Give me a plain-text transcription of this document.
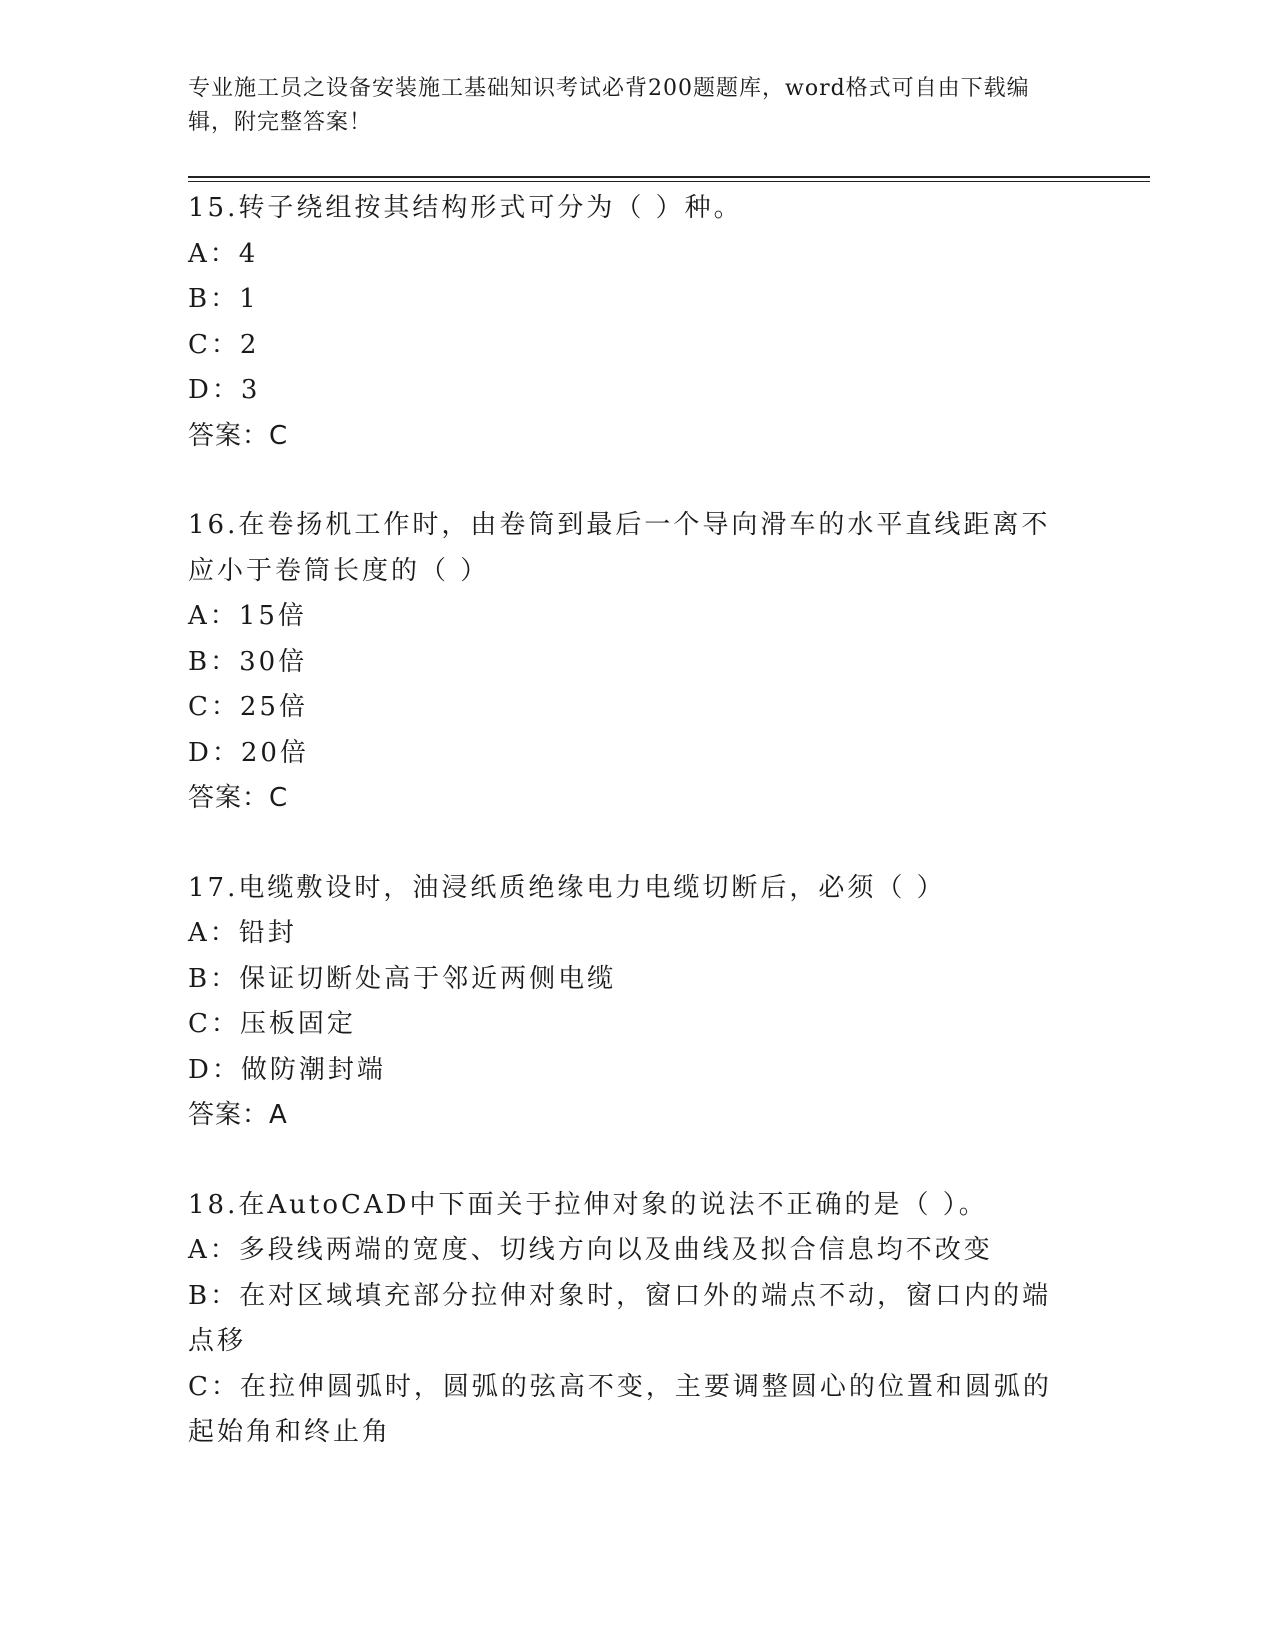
专业施工员之设备安装施工基础知识考试必背200题题库，word格式可自由下载编辑，附完整答案！
15.转子绕组按其结构形式可分为（ ）种。
A：4
B：1
C：2
D：3
答案：C
16.在卷扬机工作时，由卷筒到最后一个导向滑车的水平直线距离不应小于卷筒长度的（ ）
A：15倍
B：30倍
C：25倍
D：20倍
答案：C
17.电缆敷设时，油浸纸质绝缘电力电缆切断后，必须（ ）
A：铅封
B：保证切断处高于邻近两侧电缆
C：压板固定
D：做防潮封端
答案：A
18.在AutoCAD中下面关于拉伸对象的说法不正确的是（ ）。
A：多段线两端的宽度、切线方向以及曲线及拟合信息均不改变
B：在对区域填充部分拉伸对象时，窗口外的端点不动，窗口内的端点移
C：在拉伸圆弧时，圆弧的弦高不变，主要调整圆心的位置和圆弧的起始角和终止角
